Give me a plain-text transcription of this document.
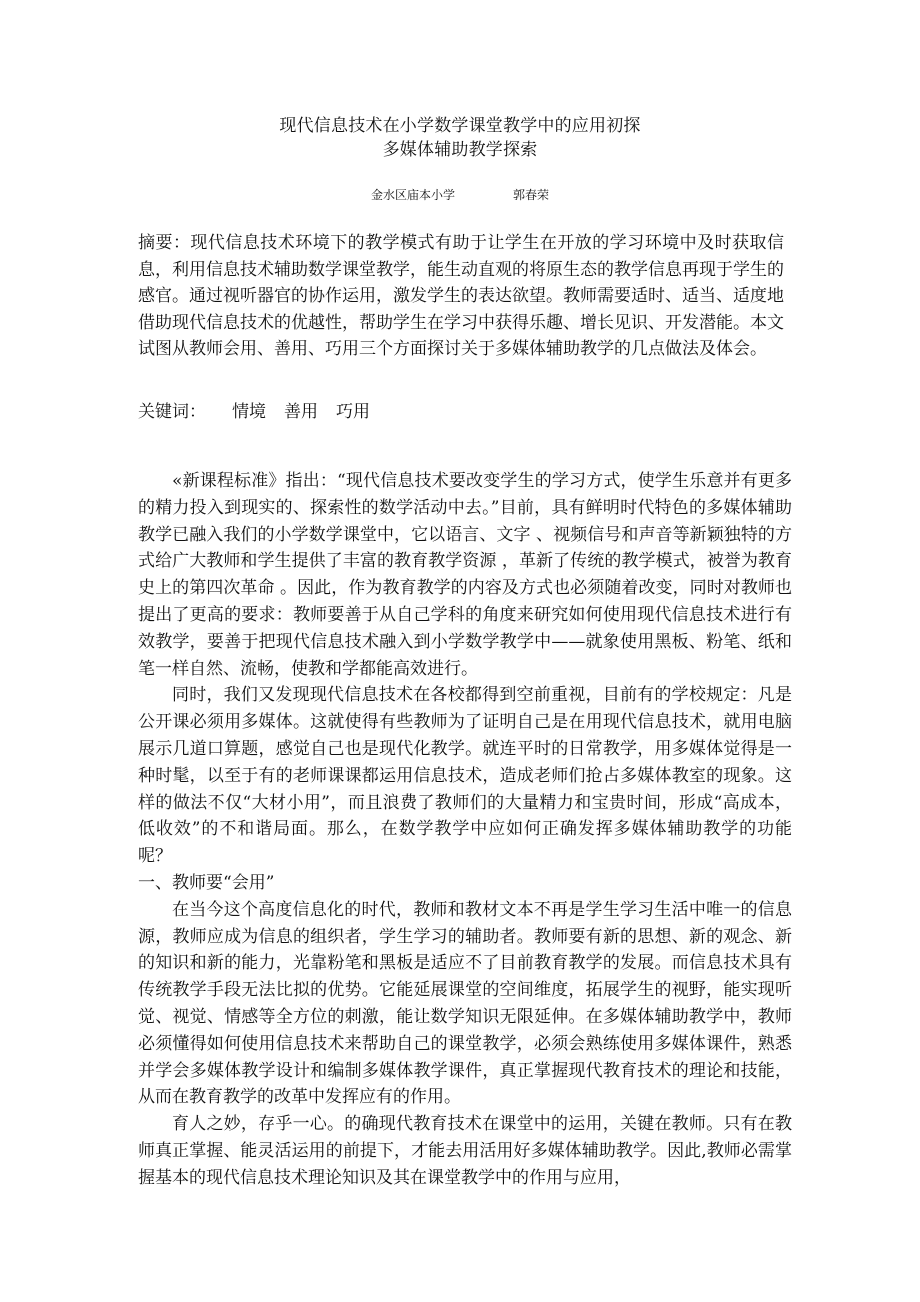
现代信息技术在小学数学课堂教学中的应用初探
多媒体辅助教学探索
金水区庙本小学	郭春荣
摘要：现代信息技术环境下的教学模式有助于让学生在开放的学习环境中及时获取信息，利用信息技术辅助数学课堂教学，能生动直观的将原生态的教学信息再现于学生的感官。通过视听器官的协作运用，激发学生的表达欲望。教师需要适时、适当、适度地借助现代信息技术的优越性，帮助学生在学习中获得乐趣、增长见识、开发潜能。本文试图从教师会用、善用、巧用三个方面探讨关于多媒体辅助教学的几点做法及体会。
关键词： 情境 善用 巧用

«新课程标准》指出：“现代信息技术要改变学生的学习方式，使学生乐意并有更多的精力投入到现实的、探索性的数学活动中去。”目前，具有鲜明时代特色的多媒体辅助教学已融入我们的小学数学课堂中，它以语言、文字 、视频信号和声音等新颖独特的方式给广大教师和学生提供了丰富的教育教学资源 ，革新了传统的教学模式，被誉为教育史上的第四次革命 。因此，作为教育教学的内容及方式也必须随着改变，同时对教师也提出了更高的要求：教师要善于从自己学科的角度来研究如何使用现代信息技术进行有效教学，要善于把现代信息技术融入到小学数学教学中——就象使用黑板、粉笔、纸和笔一样自然、流畅，使教和学都能高效进行。

同时，我们又发现现代信息技术在各校都得到空前重视，目前有的学校规定：凡是公开课必须用多媒体。这就使得有些教师为了证明自己是在用现代信息技术，就用电脑展示几道口算题，感觉自己也是现代化教学。就连平时的日常教学，用多媒体觉得是一种时髦，以至于有的老师课课都运用信息技术，造成老师们抢占多媒体教室的现象。这样的做法不仅“大材小用”，而且浪费了教师们的大量精力和宝贵时间，形成“高成本，低收效”的不和谐局面。那么，在数学教学中应如何正确发挥多媒体辅助教学的功能呢？

一、教师要“会用”

在当今这个高度信息化的时代，教师和教材文本不再是学生学习生活中唯一的信息源，教师应成为信息的组织者，学生学习的辅助者。教师要有新的思想、新的观念、新的知识和新的能力，光靠粉笔和黑板是适应不了目前教育教学的发展。而信息技术具有传统教学手段无法比拟的优势。它能延展课堂的空间维度，拓展学生的视野，能实现听觉、视觉、情感等全方位的刺激，能让数学知识无限延伸。在多媒体辅助教学中，教师必须懂得如何使用信息技术来帮助自己的课堂教学，必须会熟练使用多媒体课件，熟悉并学会多媒体教学设计和编制多媒体教学课件，真正掌握现代教育技术的理论和技能，从而在教育教学的改革中发挥应有的作用。

育人之妙，存乎一心。的确现代教育技术在课堂中的运用，关键在教师。只有在教师真正掌握、能灵活运用的前提下，才能去用活用好多媒体辅助教学。因此,教师必需掌握基本的现代信息技术理论知识及其在课堂教学中的作用与应用，
